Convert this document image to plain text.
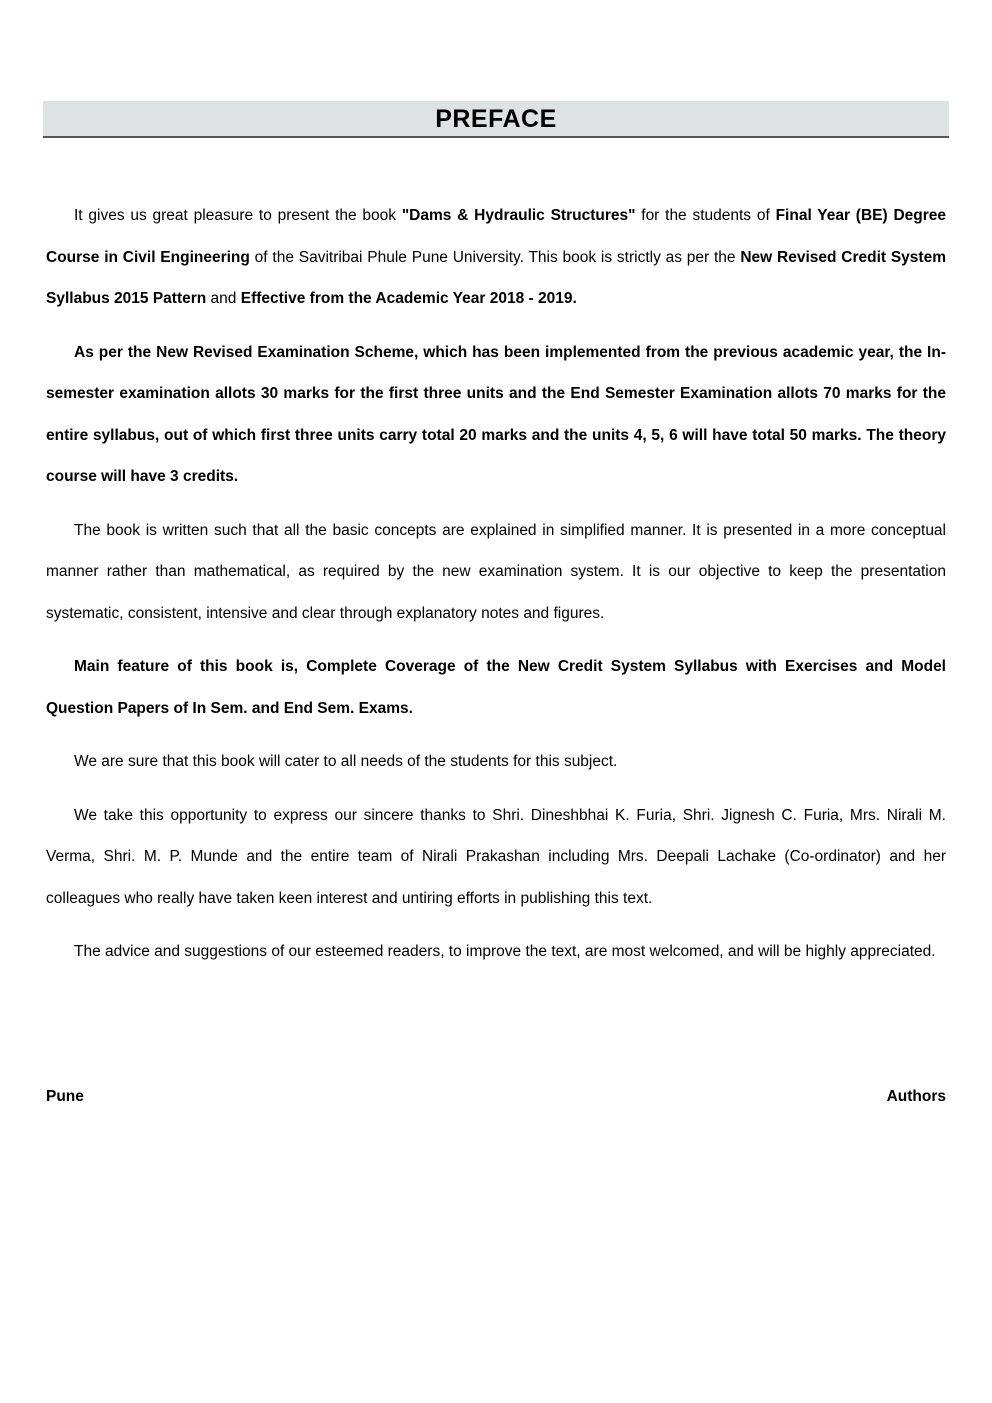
PREFACE

It gives us great pleasure to present the book "Dams & Hydraulic Structures" for the students of Final Year (BE) Degree Course in Civil Engineering of the Savitribai Phule Pune University. This book is strictly as per the New Revised Credit System Syllabus 2015 Pattern and Effective from the Academic Year 2018 - 2019.

As per the New Revised Examination Scheme, which has been implemented from the previous academic year, the In-semester examination allots 30 marks for the first three units and the End Semester Examination allots 70 marks for the entire syllabus, out of which first three units carry total 20 marks and the units 4, 5, 6 will have total 50 marks. The theory course will have 3 credits.

The book is written such that all the basic concepts are explained in simplified manner. It is presented in a more conceptual manner rather than mathematical, as required by the new examination system. It is our objective to keep the presentation systematic, consistent, intensive and clear through explanatory notes and figures.

Main feature of this book is, Complete Coverage of the New Credit System Syllabus with Exercises and Model Question Papers of In Sem. and End Sem. Exams.

We are sure that this book will cater to all needs of the students for this subject.

We take this opportunity to express our sincere thanks to Shri. Dineshbhai K. Furia, Shri. Jignesh C. Furia, Mrs. Nirali M. Verma, Shri. M. P. Munde and the entire team of Nirali Prakashan including Mrs. Deepali Lachake (Co-ordinator) and her colleagues who really have taken keen interest and untiring efforts in publishing this text.

The advice and suggestions of our esteemed readers, to improve the text, are most welcomed, and will be highly appreciated.

Pune	Authors
